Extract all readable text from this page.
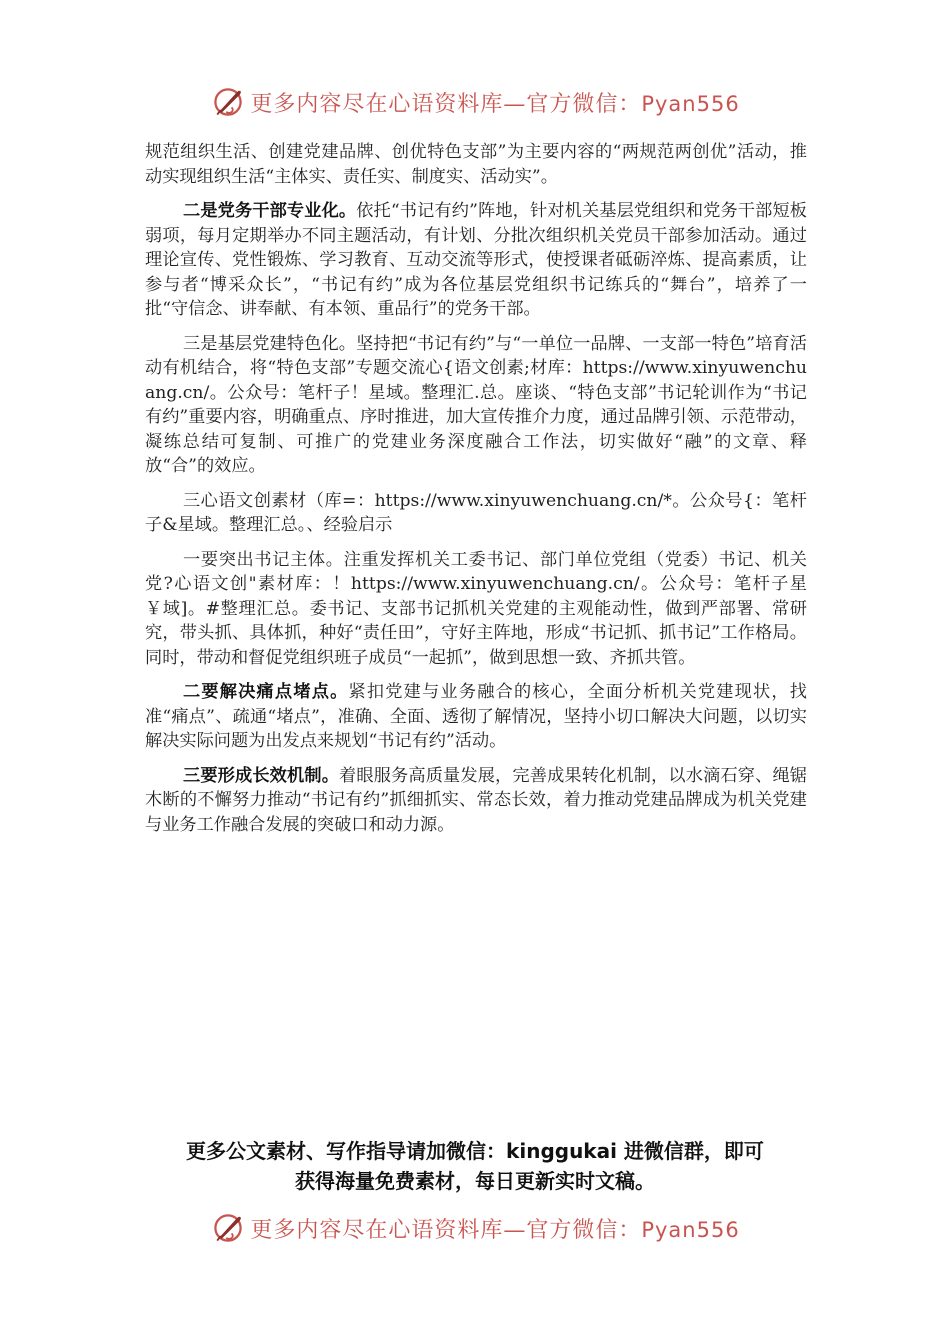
更多内容尽在心语资料库—官方微信：Pyan556

规范组织生活、创建党建品牌、创优特色支部”为主要内容的“两规范两创优”活动，推动实现组织生活“主体实、责任实、制度实、活动实”。

二是党务干部专业化。依托“书记有约”阵地，针对机关基层党组织和党务干部短板弱项，每月定期举办不同主题活动，有计划、分批次组织机关党员干部参加活动。通过理论宣传、党性锻炼、学习教育、互动交流等形式，使授课者砥砺淬炼、提高素质，让参与者“博采众长”，“书记有约”成为各位基层党组织书记练兵的“舞台”，培养了一批“守信念、讲奉献、有本领、重品行”的党务干部。

三是基层党建特色化。坚持把“书记有约”与“一单位一品牌、一支部一特色”培育活动有机结合，将“特色支部”专题交流心{语文创素;材库：https://www.xinyuwenchuang.cn/。公众号：笔杆子！星域。整理汇.总。座谈、“特色支部”书记轮训作为“书记有约”重要内容，明确重点、序时推进，加大宣传推介力度，通过品牌引领、示范带动，凝练总结可复制、可推广的党建业务深度融合工作法，切实做好“融”的文章、释放“合”的效应。

三心语文创素材（库=：https://www.xinyuwenchuang.cn/*。公众号{：笔杆子&星域。整理汇总。、经验启示

一要突出书记主体。注重发挥机关工委书记、部门单位党组（党委）书记、机关党?心语文创"素材库：！https://www.xinyuwenchuang.cn/。公众号：笔杆子星￥域]。#整理汇总。委书记、支部书记抓机关党建的主观能动性，做到严部署、常研究，带头抓、具体抓，种好“责任田”，守好主阵地，形成“书记抓、抓书记”工作格局。同时，带动和督促党组织班子成员“一起抓”，做到思想一致、齐抓共管。

二要解决痛点堵点。紧扣党建与业务融合的核心，全面分析机关党建现状，找准“痛点”、疏通“堵点”，准确、全面、透彻了解情况，坚持小切口解决大问题，以切实解决实际问题为出发点来规划“书记有约”活动。

三要形成长效机制。着眼服务高质量发展，完善成果转化机制，以水滴石穿、绳锯木断的不懈努力推动“书记有约”抓细抓实、常态长效，着力推动党建品牌成为机关党建与业务工作融合发展的突破口和动力源。

更多公文素材、写作指导请加微信：kinggukai 进微信群，即可
获得海量免费素材，每日更新实时文稿。
更多内容尽在心语资料库—官方微信：Pyan556
